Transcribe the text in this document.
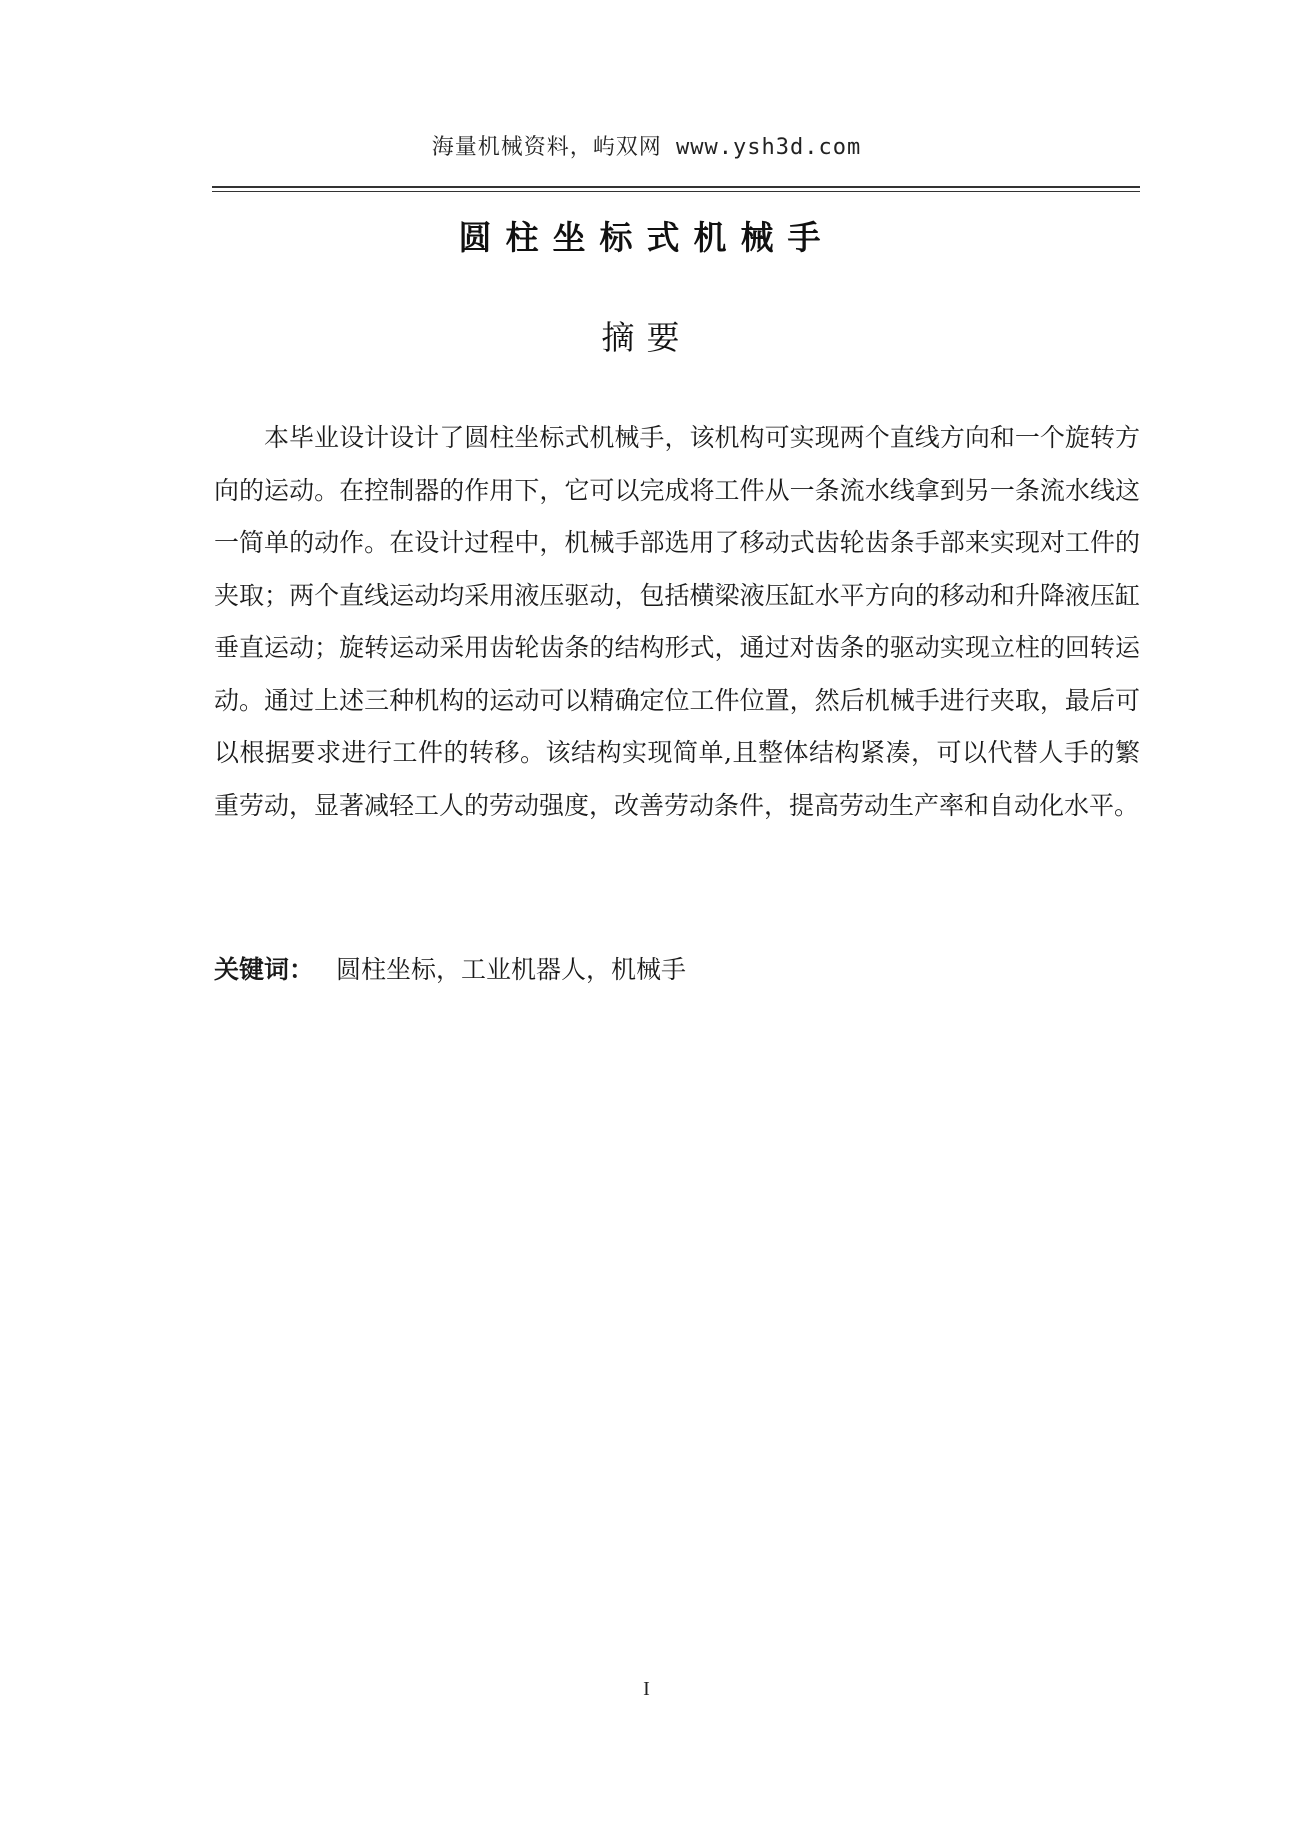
海量机械资料，屿双网 www.ysh3d.com
圆柱坐标式机械手
摘要

本毕业设计设计了圆柱坐标式机械手，该机构可实现两个直线方向和一个旋转方向的运动。在控制器的作用下，它可以完成将工件从一条流水线拿到另一条流水线这一简单的动作。在设计过程中，机械手部选用了移动式齿轮齿条手部来实现对工件的夹取；两个直线运动均采用液压驱动，包括横梁液压缸水平方向的移动和升降液压缸垂直运动；旋转运动采用齿轮齿条的结构形式，通过对齿条的驱动实现立柱的回转运动。通过上述三种机构的运动可以精确定位工件位置，然后机械手进行夹取，最后可以根据要求进行工件的转移。该结构实现简单,且整体结构紧凑，可以代替人手的繁重劳动，显著减轻工人的劳动强度，改善劳动条件，提高劳动生产率和自动化水平。

关键词： 圆柱坐标，工业机器人，机械手
I
